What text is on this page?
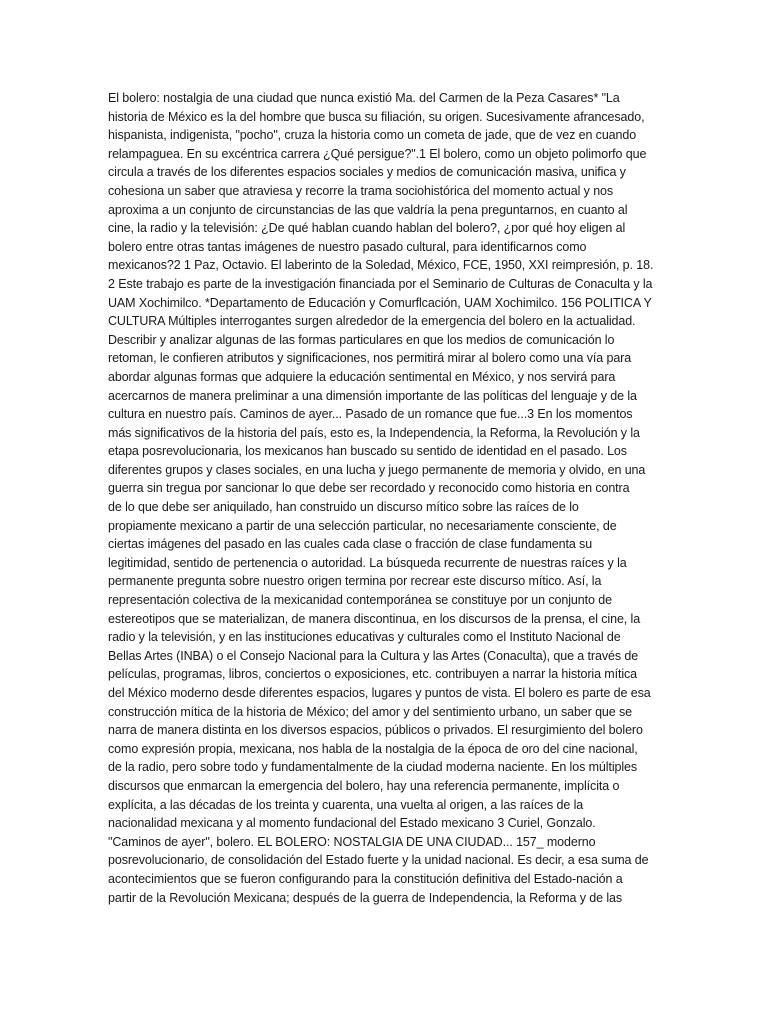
El bolero: nostalgia de una ciudad que nunca existió Ma. del Carmen de la Peza Casares* "La
historia de México es la del hombre que busca su filiación, su origen. Sucesivamente afrancesado,
hispanista, indigenista, "pocho", cruza la historia como un cometa de jade, que de vez en cuando
relampaguea. En su excéntrica carrera ¿Qué persigue?".1 El bolero, como un objeto polimorfo que
circula a través de los diferentes espacios sociales y medios de comunicación masiva, unifica y
cohesiona un saber que atraviesa y recorre la trama sociohistórica del momento actual y nos
aproxima a un conjunto de circunstancias de las que valdría la pena preguntarnos, en cuanto al
cine, la radio y la televisión: ¿De qué hablan cuando hablan del bolero?, ¿por qué hoy eligen al
bolero entre otras tantas imágenes de nuestro pasado cultural, para identificarnos como
mexicanos?2 1 Paz, Octavio. El laberinto de la Soledad, México, FCE, 1950, XXI reimpresión, p. 18.
2 Este trabajo es parte de la investigación financiada por el Seminario de Culturas de Conaculta y la
UAM Xochimilco. *Departamento de Educación y Comurflcación, UAM Xochimilco. 156 POLITICA Y
CULTURA Múltiples interrogantes surgen alrededor de la emergencia del bolero en la actualidad.
Describir y analizar algunas de las formas particulares en que los medios de comunicación lo
retoman, le confieren atributos y significaciones, nos permitirá mirar al bolero como una vía para
abordar algunas formas que adquiere la educación sentimental en México, y nos servirá para
acercarnos de manera preliminar a una dimensión importante de las políticas del lenguaje y de la
cultura en nuestro país. Caminos de ayer... Pasado de un romance que fue...3 En los momentos
más significativos de la historia del país, esto es, la Independencia, la Reforma, la Revolución y la
etapa posrevolucionaria, los mexicanos han buscado su sentido de identidad en el pasado. Los
diferentes grupos y clases sociales, en una lucha y juego permanente de memoria y olvido, en una
guerra sin tregua por sancionar lo que debe ser recordado y reconocido como historia en contra
de lo que debe ser aniquilado, han construido un discurso mítico sobre las raíces de lo
propiamente mexicano a partir de una selección particular, no necesariamente consciente, de
ciertas imágenes del pasado en las cuales cada clase o fracción de clase fundamenta su
legitimidad, sentido de pertenencia o autoridad. La búsqueda recurrente de nuestras raíces y la
permanente pregunta sobre nuestro origen termina por recrear este discurso mítico. Así, la
representación colectiva de la mexicanidad contemporánea se constituye por un conjunto de
estereotipos que se materializan, de manera discontinua, en los discursos de la prensa, el cine, la
radio y la televisión, y en las instituciones educativas y culturales como el Instituto Nacional de
Bellas Artes (INBA) o el Consejo Nacional para la Cultura y las Artes (Conaculta), que a través de
películas, programas, libros, conciertos o exposiciones, etc. contribuyen a narrar la historia mítica
del México moderno desde diferentes espacios, lugares y puntos de vista. El bolero es parte de esa
construcción mítica de la historia de México; del amor y del sentimiento urbano, un saber que se
narra de manera distinta en los diversos espacios, públicos o privados. El resurgimiento del bolero
como expresión propia, mexicana, nos habla de la nostalgia de la época de oro del cine nacional,
de la radio, pero sobre todo y fundamentalmente de la ciudad moderna naciente. En los múltiples
discursos que enmarcan la emergencia del bolero, hay una referencia permanente, implícita o
explícita, a las décadas de los treinta y cuarenta, una vuelta al origen, a las raíces de la
nacionalidad mexicana y al momento fundacional del Estado mexicano 3 Curiel, Gonzalo.
"Caminos de ayer", bolero. EL BOLERO: NOSTALGIA DE UNA CIUDAD... 157_ moderno
posrevolucionario, de consolidación del Estado fuerte y la unidad nacional. Es decir, a esa suma de
acontecimientos que se fueron configurando para la constitución definitiva del Estado-nación a
partir de la Revolución Mexicana; después de la guerra de Independencia, la Reforma y de las
